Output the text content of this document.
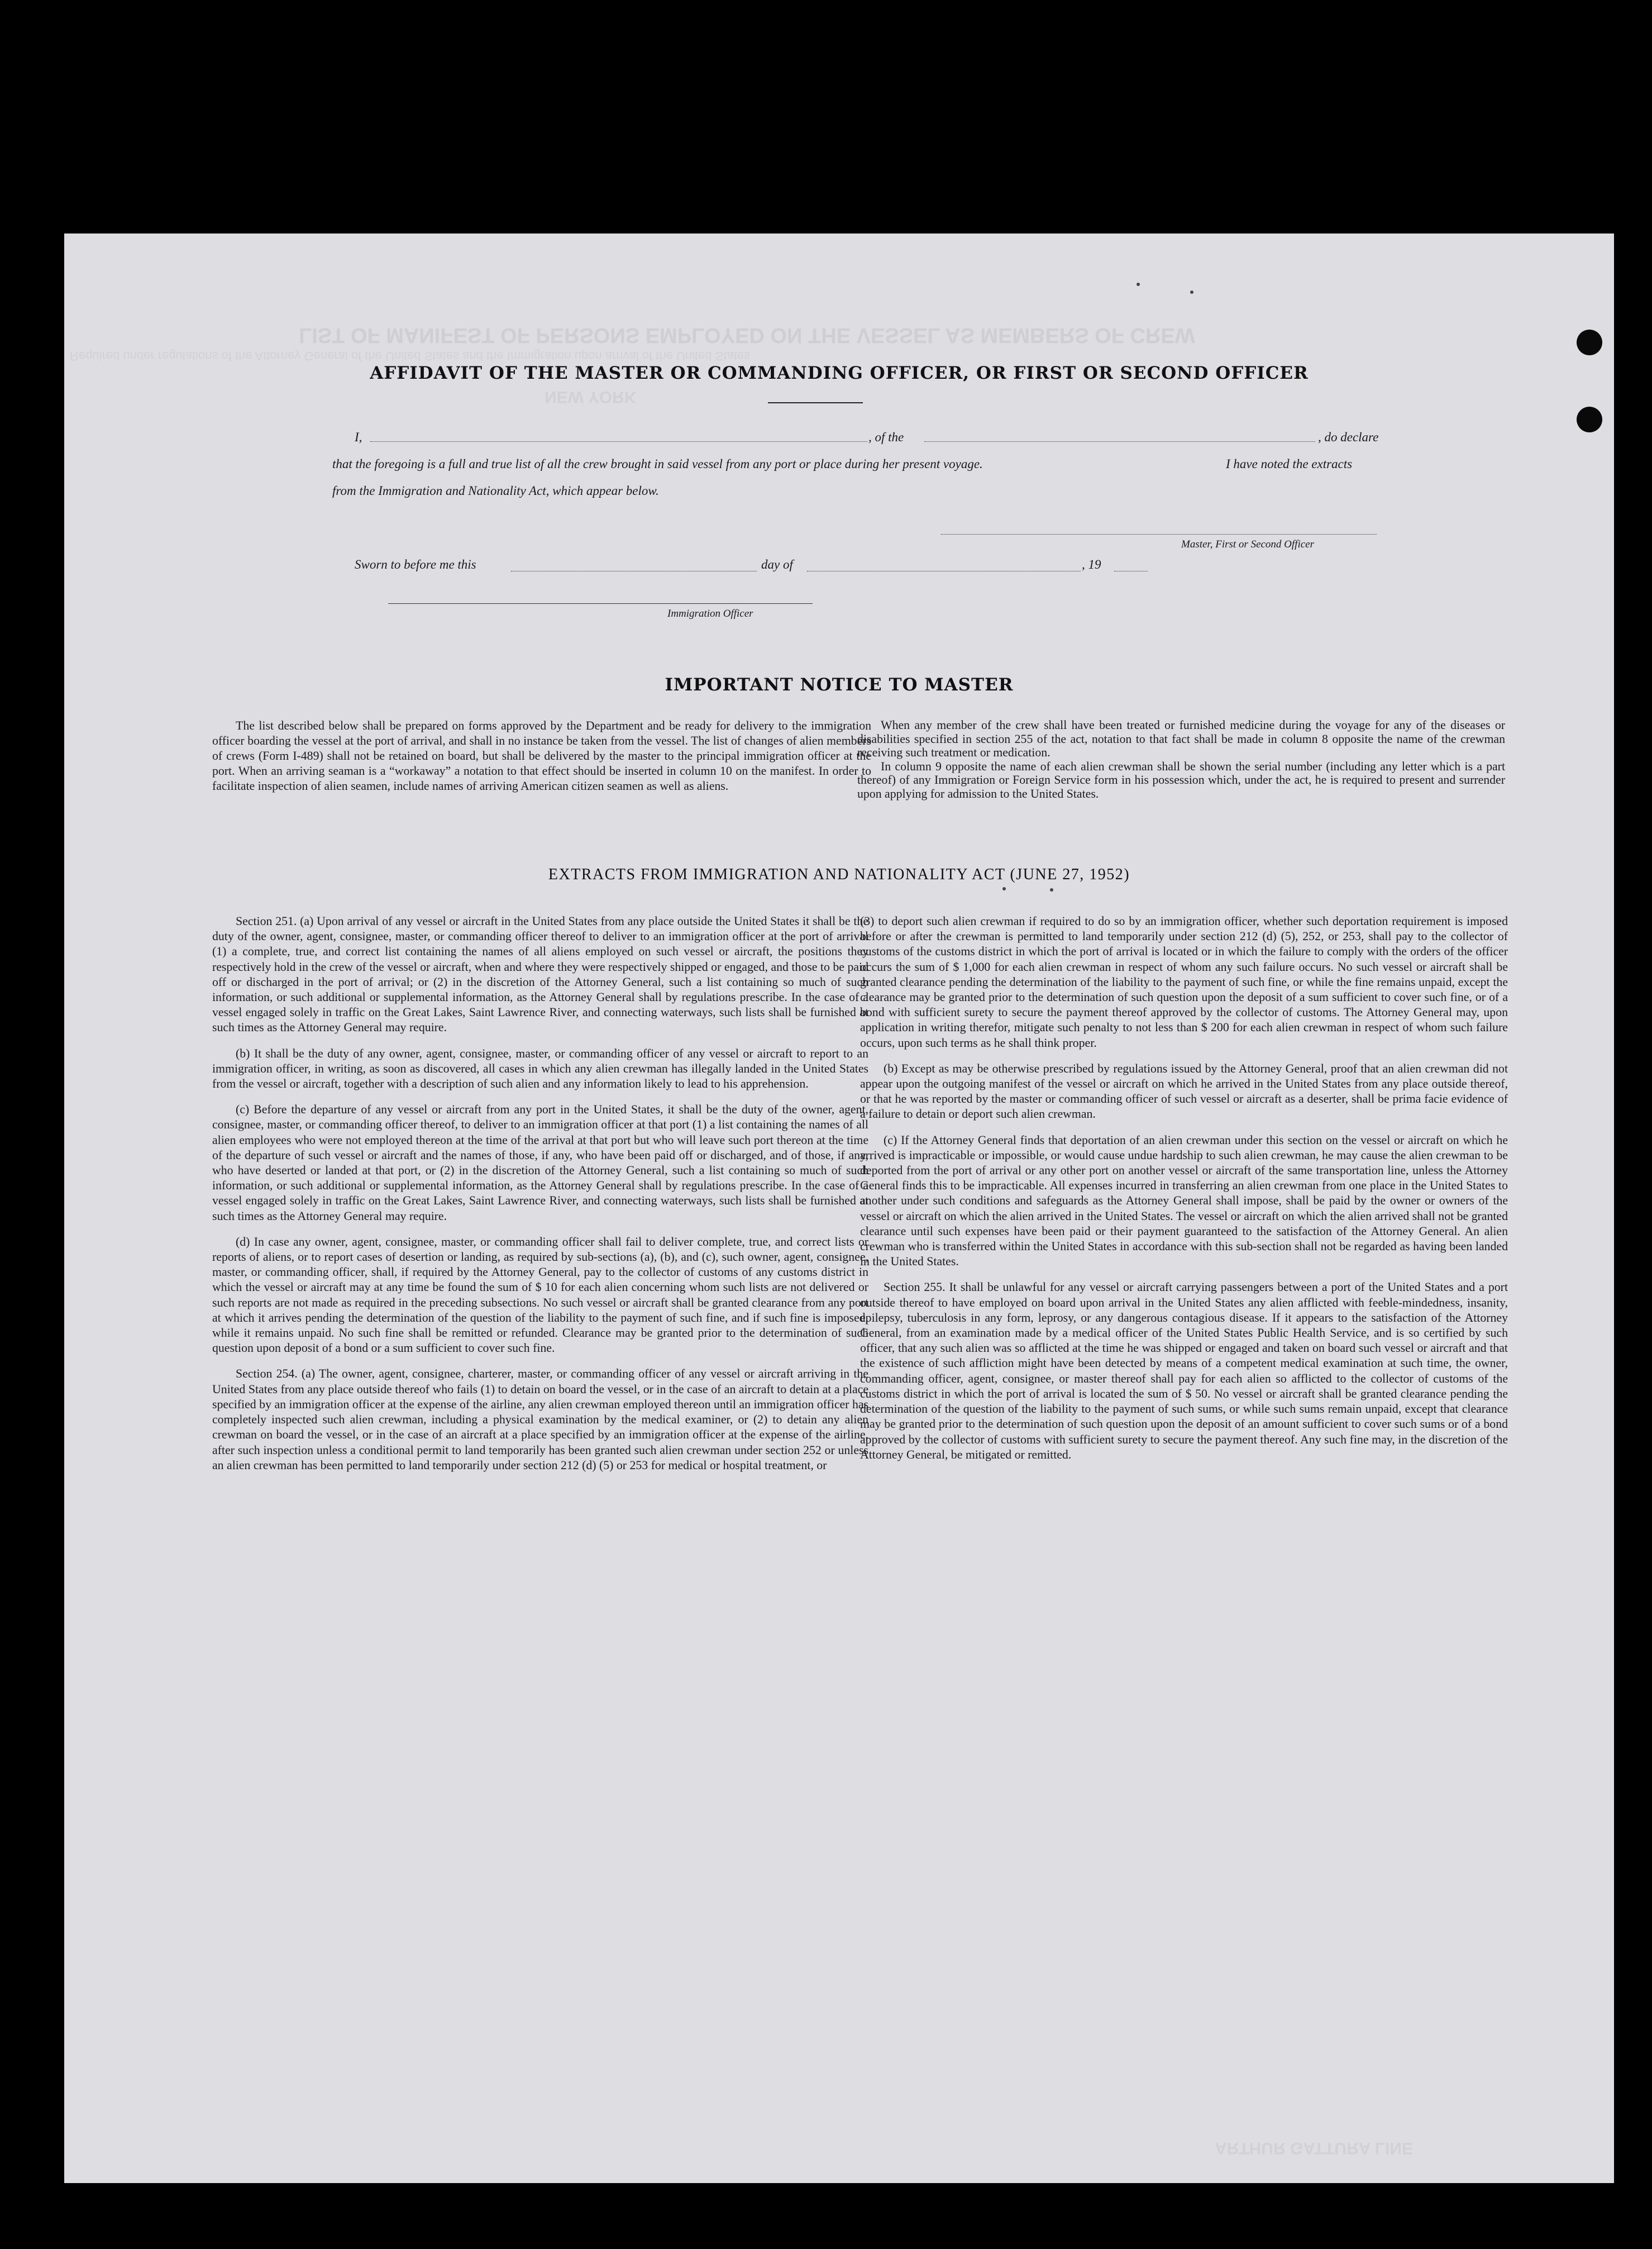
LIST OF MANIFEST OF PERSONS EMPLOYED ON THE VESSEL AS MEMBERS OF CREW
Required under regulations of the Attorney General of the United States and the Immigration upon arrival of the United States
NEW YORK
ARTHUR GATTURA LINE
AFFIDAVIT OF THE MASTER OR COMMANDING OFFICER, OR FIRST OR SECOND OFFICER
I,	, of the	, do declare
that the foregoing is a full and true list of all the crew brought in said vessel from any port or place during her present voyage.	I have noted the extracts
from the Immigration and Nationality Act, which appear below.
Master, First or Second Officer
Sworn to before me this	day of	, 19
Immigration Officer
IMPORTANT NOTICE TO MASTER

The list described below shall be prepared on forms approved by the Department and be ready for delivery to the immigration officer boarding the vessel at the port of arrival, and shall in no instance be taken from the vessel. The list of changes of alien members of crews (Form I-489) shall not be retained on board, but shall be delivered by the master to the principal immigration officer at the port. When an arriving seaman is a “workaway” a notation to that effect should be inserted in column 10 on the manifest. In order to facilitate inspection of alien seamen, include names of arriving American citizen seamen as well as aliens.

When any member of the crew shall have been treated or furnished medicine during the voyage for any of the diseases or disabilities specified in section 255 of the act, notation to that fact shall be made in column 8 opposite the name of the crewman receiving such treatment or medication.

In column 9 opposite the name of each alien crewman shall be shown the serial number (including any letter which is a part thereof) of any Immigration or Foreign Service form in his possession which, under the act, he is required to present and surrender upon applying for admission to the United States.

EXTRACTS FROM IMMIGRATION AND NATIONALITY ACT (JUNE 27, 1952)

Section 251. (a) Upon arrival of any vessel or aircraft in the United States from any place outside the United States it shall be the duty of the owner, agent, consignee, master, or commanding officer thereof to deliver to an immigration officer at the port of arrival (1) a complete, true, and correct list containing the names of all aliens employed on such vessel or aircraft, the positions they respectively hold in the crew of the vessel or aircraft, when and where they were respectively shipped or engaged, and those to be paid off or discharged in the port of arrival; or (2) in the discretion of the Attorney General, such a list containing so much of such information, or such additional or supplemental information, as the Attorney General shall by regulations prescribe. In the case of a vessel engaged solely in traffic on the Great Lakes, Saint Lawrence River, and connecting waterways, such lists shall be furnished at such times as the Attorney General may require.

(b) It shall be the duty of any owner, agent, consignee, master, or commanding officer of any vessel or aircraft to report to an immigration officer, in writing, as soon as discovered, all cases in which any alien crewman has illegally landed in the United States from the vessel or aircraft, together with a description of such alien and any information likely to lead to his apprehension.

(c) Before the departure of any vessel or aircraft from any port in the United States, it shall be the duty of the owner, agent, consignee, master, or commanding officer thereof, to deliver to an immigration officer at that port (1) a list containing the names of all alien employees who were not employed thereon at the time of the arrival at that port but who will leave such port thereon at the time of the departure of such vessel or aircraft and the names of those, if any, who have been paid off or discharged, and of those, if any, who have deserted or landed at that port, or (2) in the discretion of the Attorney General, such a list containing so much of such information, or such additional or supplemental information, as the Attorney General shall by regulations prescribe. In the case of a vessel engaged solely in traffic on the Great Lakes, Saint Lawrence River, and connecting waterways, such lists shall be furnished at such times as the Attorney General may require.

(d) In case any owner, agent, consignee, master, or commanding officer shall fail to deliver complete, true, and correct lists or reports of aliens, or to report cases of desertion or landing, as required by sub-sections (a), (b), and (c), such owner, agent, consignee, master, or commanding officer, shall, if required by the Attorney General, pay to the collector of customs of any customs district in which the vessel or aircraft may at any time be found the sum of $ 10 for each alien concerning whom such lists are not delivered or such reports are not made as required in the preceding subsections. No such vessel or aircraft shall be granted clearance from any port at which it arrives pending the determination of the question of the liability to the payment of such fine, and if such fine is imposed, while it remains unpaid. No such fine shall be remitted or refunded. Clearance may be granted prior to the determination of such question upon deposit of a bond or a sum sufficient to cover such fine.

Section 254. (a) The owner, agent, consignee, charterer, master, or commanding officer of any vessel or aircraft arriving in the United States from any place outside thereof who fails (1) to detain on board the vessel, or in the case of an aircraft to detain at a place specified by an immigration officer at the expense of the airline, any alien crewman employed thereon until an immigration officer has completely inspected such alien crewman, including a physical examination by the medical examiner, or (2) to detain any alien crewman on board the vessel, or in the case of an aircraft at a place specified by an immigration officer at the expense of the airline, after such inspection unless a conditional permit to land temporarily has been granted such alien crewman under section 252 or unless an alien crewman has been permitted to land temporarily under section 212 (d) (5) or 253 for medical or hospital treatment, or

(3) to deport such alien crewman if required to do so by an immigration officer, whether such deportation requirement is imposed before or after the crewman is permitted to land temporarily under section 212 (d) (5), 252, or 253, shall pay to the collector of customs of the customs district in which the port of arrival is located or in which the failure to comply with the orders of the officer occurs the sum of $ 1,000 for each alien crewman in respect of whom any such failure occurs. No such vessel or aircraft shall be granted clearance pending the determination of the liability to the payment of such fine, or while the fine remains unpaid, except the clearance may be granted prior to the determination of such question upon the deposit of a sum sufficient to cover such fine, or of a bond with sufficient surety to secure the payment thereof approved by the collector of customs. The Attorney General may, upon application in writing therefor, mitigate such penalty to not less than $ 200 for each alien crewman in respect of whom such failure occurs, upon such terms as he shall think proper.

(b) Except as may be otherwise prescribed by regulations issued by the Attorney General, proof that an alien crewman did not appear upon the outgoing manifest of the vessel or aircraft on which he arrived in the United States from any place outside thereof, or that he was reported by the master or commanding officer of such vessel or aircraft as a deserter, shall be prima facie evidence of a failure to detain or deport such alien crewman.

(c) If the Attorney General finds that deportation of an alien crewman under this section on the vessel or aircraft on which he arrived is impracticable or impossible, or would cause undue hardship to such alien crewman, he may cause the alien crewman to be deported from the port of arrival or any other port on another vessel or aircraft of the same transportation line, unless the Attorney General finds this to be impracticable. All expenses incurred in transferring an alien crewman from one place in the United States to another under such conditions and safeguards as the Attorney General shall impose, shall be paid by the owner or owners of the vessel or aircraft on which the alien arrived in the United States. The vessel or aircraft on which the alien arrived shall not be granted clearance until such expenses have been paid or their payment guaranteed to the satisfaction of the Attorney General. An alien crewman who is transferred within the United States in accordance with this sub-section shall not be regarded as having been landed in the United States.

Section 255. It shall be unlawful for any vessel or aircraft carrying passengers between a port of the United States and a port outside thereof to have employed on board upon arrival in the United States any alien afflicted with feeble-mindedness, insanity, epilepsy, tuberculosis in any form, leprosy, or any dangerous contagious disease. If it appears to the satisfaction of the Attorney General, from an examination made by a medical officer of the United States Public Health Service, and is so certified by such officer, that any such alien was so afflicted at the time he was shipped or engaged and taken on board such vessel or aircraft and that the existence of such affliction might have been detected by means of a competent medical examination at such time, the owner, commanding officer, agent, consignee, or master thereof shall pay for each alien so afflicted to the collector of customs of the customs district in which the port of arrival is located the sum of $ 50. No vessel or aircraft shall be granted clearance pending the determination of the question of the liability to the payment of such sums, or while such sums remain unpaid, except that clearance may be granted prior to the determination of such question upon the deposit of an amount sufficient to cover such sums or of a bond approved by the collector of customs with sufficient surety to secure the payment thereof. Any such fine may, in the discretion of the Attorney General, be mitigated or remitted.
